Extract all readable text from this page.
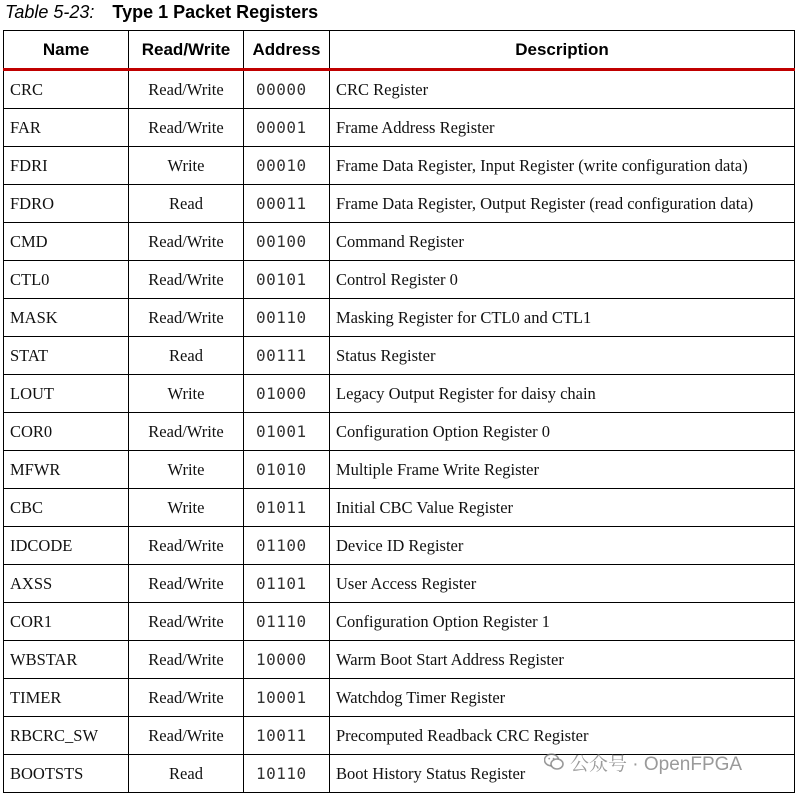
Table 5-23: Type 1 Packet Registers
Name	Read/Write	Address	Description
CRC	Read/Write	00000	CRC Register
FAR	Read/Write	00001	Frame Address Register
FDRI	Write	00010	Frame Data Register, Input Register (write configuration data)
FDRO	Read	00011	Frame Data Register, Output Register (read configuration data)
CMD	Read/Write	00100	Command Register
CTL0	Read/Write	00101	Control Register 0
MASK	Read/Write	00110	Masking Register for CTL0 and CTL1
STAT	Read	00111	Status Register
LOUT	Write	01000	Legacy Output Register for daisy chain
COR0	Read/Write	01001	Configuration Option Register 0
MFWR	Write	01010	Multiple Frame Write Register
CBC	Write	01011	Initial CBC Value Register
IDCODE	Read/Write	01100	Device ID Register
AXSS	Read/Write	01101	User Access Register
COR1	Read/Write	01110	Configuration Option Register 1
WBSTAR	Read/Write	10000	Warm Boot Start Address Register
TIMER	Read/Write	10001	Watchdog Timer Register
RBCRC_SW	Read/Write	10011	Precomputed Readback CRC Register
BOOTSTS	Read	10110	Boot History Status Register 公众号 · OpenFPGA
